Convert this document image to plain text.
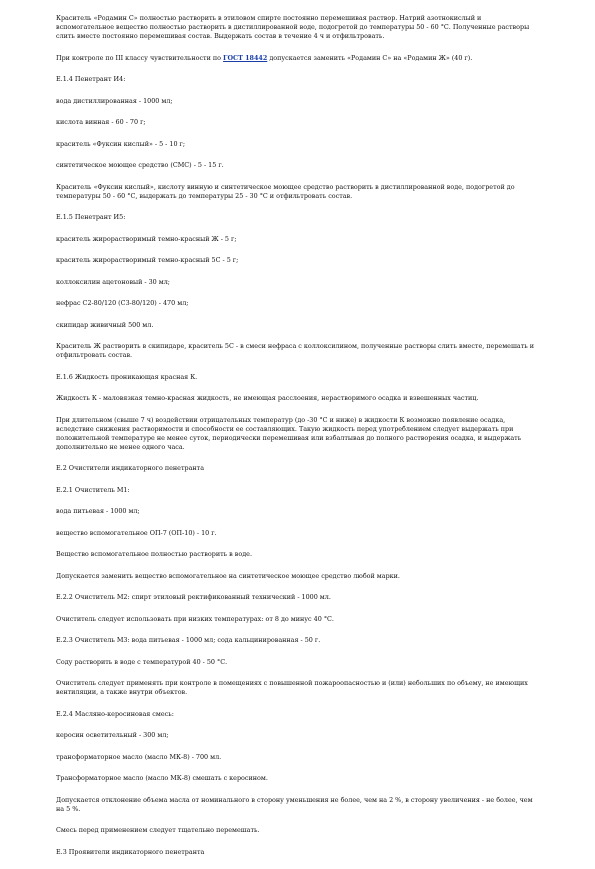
Краситель «Родамин С» полностью растворить в этиловом спирте постоянно перемешивая раствор. Натрий азотнокислый и вспомогательное вещество полностью растворить в дистиллированной воде, подогретой до температуры 50 - 60 °С. Полученные растворы слить вместе постоянно перемешивая состав. Выдержать состав в течение 4 ч и отфильтровать.

При контроле по III классу чувствительности по ГОСТ 18442 допускается заменить «Родамин С» на «Родамин Ж» (40 г).

Е.1.4 Пенетрант И4:

вода дистиллированная - 1000 мл;

кислота винная - 60 - 70 г;

краситель «Фуксин кислый» - 5 - 10 г;

синтетическое моющее средство (СМС) - 5 - 15 г.

Краситель «Фуксин кислый», кислоту винную и синтетическое моющее средство растворить в дистиллированной воде, подогретой до температуры 50 - 60 °С, выдержать до температуры 25 - 30 °С и отфильтровать состав.

Е.1.5 Пенетрант И5:

краситель жирорастворимый темно-красный Ж - 5 г;

краситель жирорастворимый темно-красный 5С - 5 г;

коллоксилин ацетоновый - 30 мл;

нефрас С2-80/120 (С3-80/120) - 470 мл;

скипидар живичный 500 мл.

Краситель Ж растворить в скипидаре, краситель 5С - в смеси нефраса с коллоксилином, полученные растворы слить вместе, перемешать и отфильтровать состав.

Е.1.6 Жидкость проникающая красная К.

Жидкость К - маловязкая темно-красная жидкость, не имеющая расслоения, нерастворимого осадка и взвешенных частиц.

При длительном (свыше 7 ч) воздействии отрицательных температур (до -30 °С и ниже) в жидкости К возможно появление осадка, вследствие снижения растворимости и способности ее составляющих. Такую жидкость перед употреблением следует выдержать при положительной температуре не менее суток, периодически перемешивая или взбалтывая до полного растворения осадка, и выдержать дополнительно не менее одного часа.

Е.2 Очистители индикаторного пенетранта

Е.2.1 Очиститель М1:

вода питьевая - 1000 мл;

вещество вспомогательное ОП-7 (ОП-10) - 10 г.

Вещество вспомогательное полностью растворить в воде.

Допускается заменить вещество вспомогательное на синтетическое моющее средство любой марки.

Е.2.2 Очиститель М2: спирт этиловый ректификованный технический - 1000 мл.

Очиститель следует использовать при низких температурах: от 8 до минус 40 °С.

Е.2.3 Очиститель М3: вода питьевая - 1000 мл; сода кальцинированная - 50 г.

Соду растворить в воде с температурой 40 - 50 °С.

Очиститель следует применять при контроле в помещениях с повышенной пожароопасностью и (или) небольших по объему, не имеющих вентиляции, а также внутри объектов.

Е.2.4 Масляно-керосиновая смесь:

керосин осветительный - 300 мл;

трансформаторное масло (масло МК-8) - 700 мл.

Трансформаторное масло (масло МК-8) смешать с керосином.

Допускается отклонение объема масла от номинального в сторону уменьшения не более, чем на 2 %, в сторону увеличения - не более, чем на 5 %.

Смесь перед применением следует тщательно перемешать.

Е.3 Проявители индикаторного пенетранта
